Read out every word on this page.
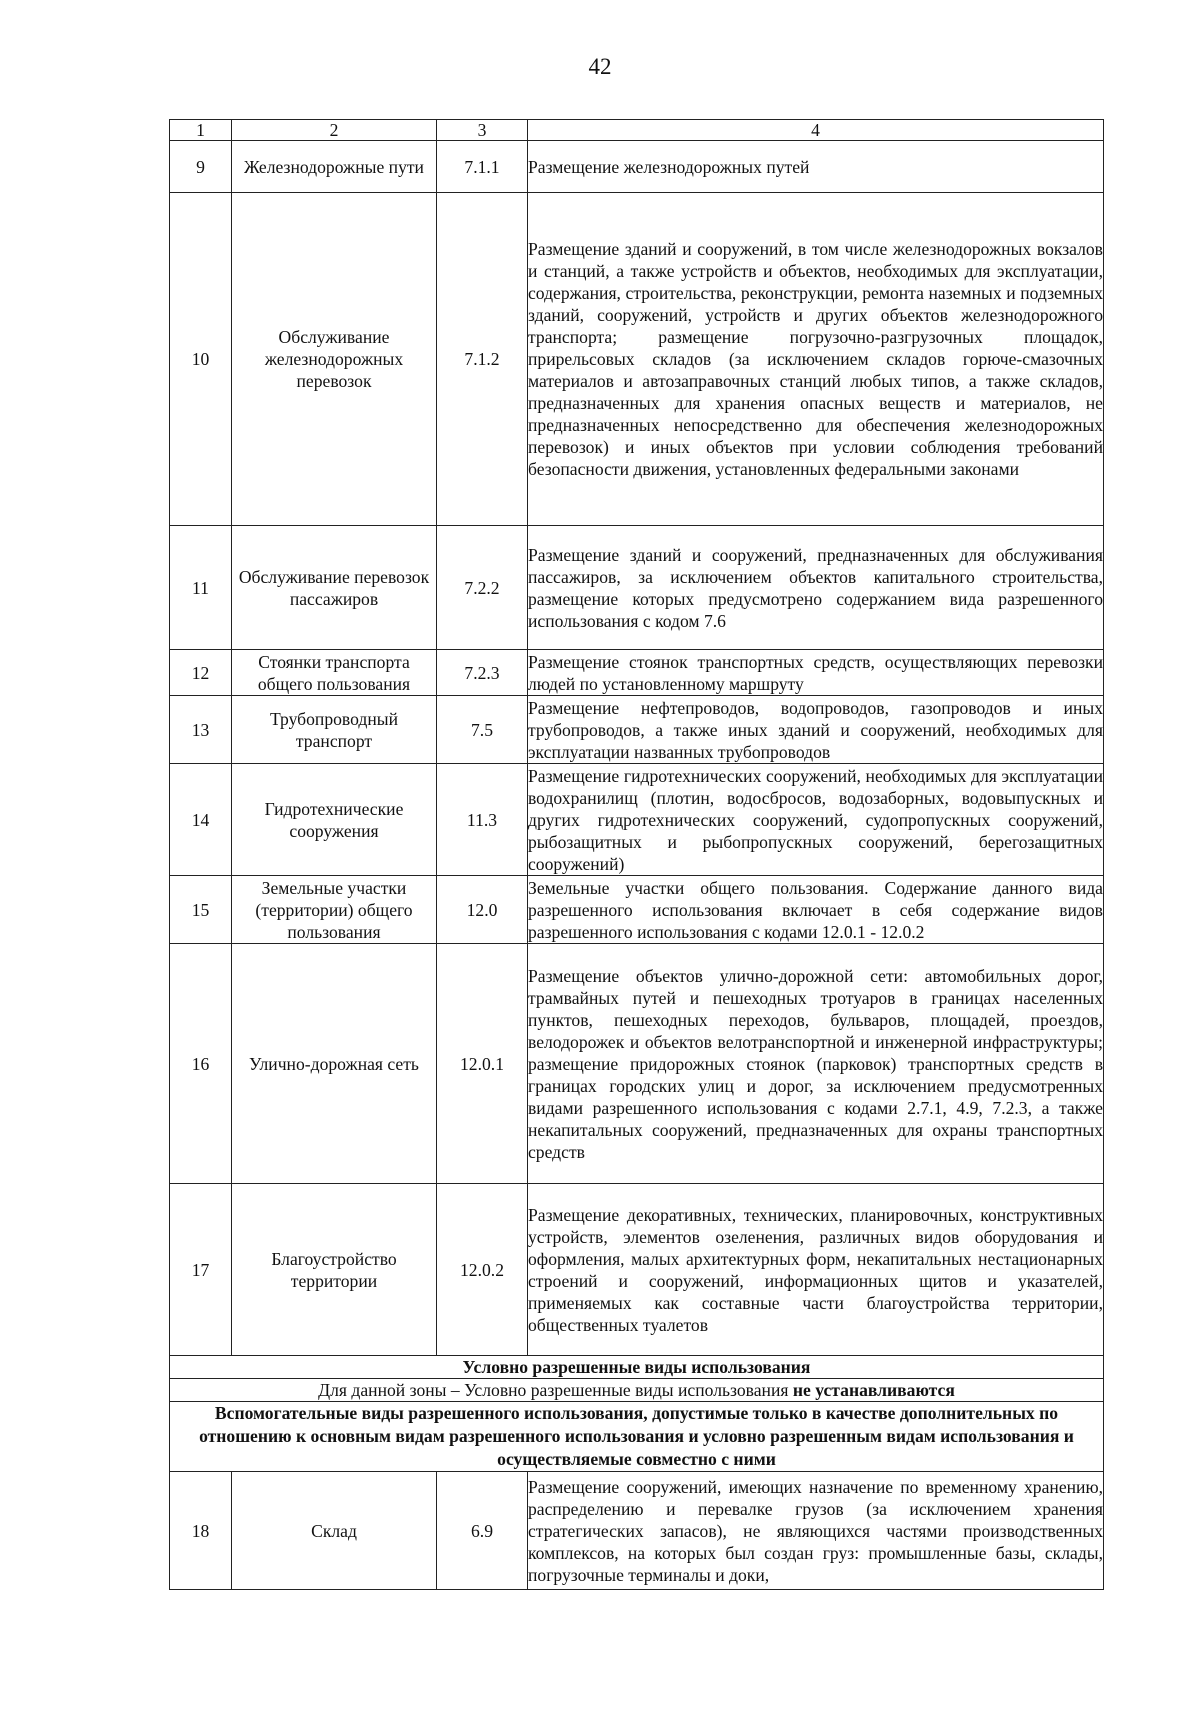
42
1	2	3	4
9	Железнодорожные пути	7.1.1	Размещение железнодорожных путей
10	Обслуживание железнодорожных перевозок	7.1.2	Размещение зданий и сооружений, в том числе железнодорожных вокзалов и станций, а также устройств и объектов, необходимых для эксплуатации, содержания, строительства, реконструкции, ремонта наземных и подземных зданий, сооружений, устройств и других объектов железнодорожного транспорта; размещение погрузочно-разгрузочных площадок, прирельсовых складов (за исключением складов горюче-смазочных материалов и автозаправочных станций любых типов, а также складов, предназначенных для хранения опасных веществ и материалов, не предназначенных непосредственно для обеспечения железнодорожных перевозок) и иных объектов при условии соблюдения требований безопасности движения, установленных федеральными законами
11	Обслуживание перевозок пассажиров	7.2.2	Размещение зданий и сооружений, предназначенных для обслуживания пассажиров, за исключением объектов капитального строительства, размещение которых предусмотрено содержанием вида разрешенного использования с кодом 7.6
12	Стоянки транспорта общего пользования	7.2.3	Размещение стоянок транспортных средств, осуществляющих перевозки людей по установленному маршруту
13	Трубопроводный транспорт	7.5	Размещение нефтепроводов, водопроводов, газопроводов и иных трубопроводов, а также иных зданий и сооружений, необходимых для эксплуатации названных трубопроводов
14	Гидротехнические сооружения	11.3	Размещение гидротехнических сооружений, необходимых для эксплуатации водохранилищ (плотин, водосбросов, водозаборных, водовыпускных и других гидротехнических сооружений, судопропускных сооружений, рыбозащитных и рыбопропускных сооружений, берегозащитных сооружений)
15	Земельные участки (территории) общего пользования	12.0	Земельные участки общего пользования. Содержание данного вида разрешенного использования включает в себя содержание видов разрешенного использования с кодами 12.0.1 - 12.0.2
16	Улично-дорожная сеть	12.0.1	Размещение объектов улично-дорожной сети: автомобильных дорог, трамвайных путей и пешеходных тротуаров в границах населенных пунктов, пешеходных переходов, бульваров, площадей, проездов, велодорожек и объектов велотранспортной и инженерной инфраструктуры; размещение придорожных стоянок (парковок) транспортных средств в границах городских улиц и дорог, за исключением предусмотренных видами разрешенного использования с кодами 2.7.1, 4.9, 7.2.3, а также некапитальных сооружений, предназначенных для охраны транспортных средств
17	Благоустройство территории	12.0.2	Размещение декоративных, технических, планировочных, конструктивных устройств, элементов озеленения, различных видов оборудования и оформления, малых архитектурных форм, некапитальных нестационарных строений и сооружений, информационных щитов и указателей, применяемых как составные части благоустройства территории, общественных туалетов
Условно разрешенные виды использования			
Для данной зоны – Условно разрешенные виды использования не устанавливаются			
Вспомогательные виды разрешенного использования, допустимые только в качестве дополнительных по отношению к основным видам разрешенного использования и условно разрешенным видам использования и осуществляемые совместно с ними			
18	Склад	6.9	Размещение сооружений, имеющих назначение по временному хранению, распределению и перевалке грузов (за исключением хранения стратегических запасов), не являющихся частями производственных комплексов, на которых был создан груз: промышленные базы, склады, погрузочные терминалы и доки,
